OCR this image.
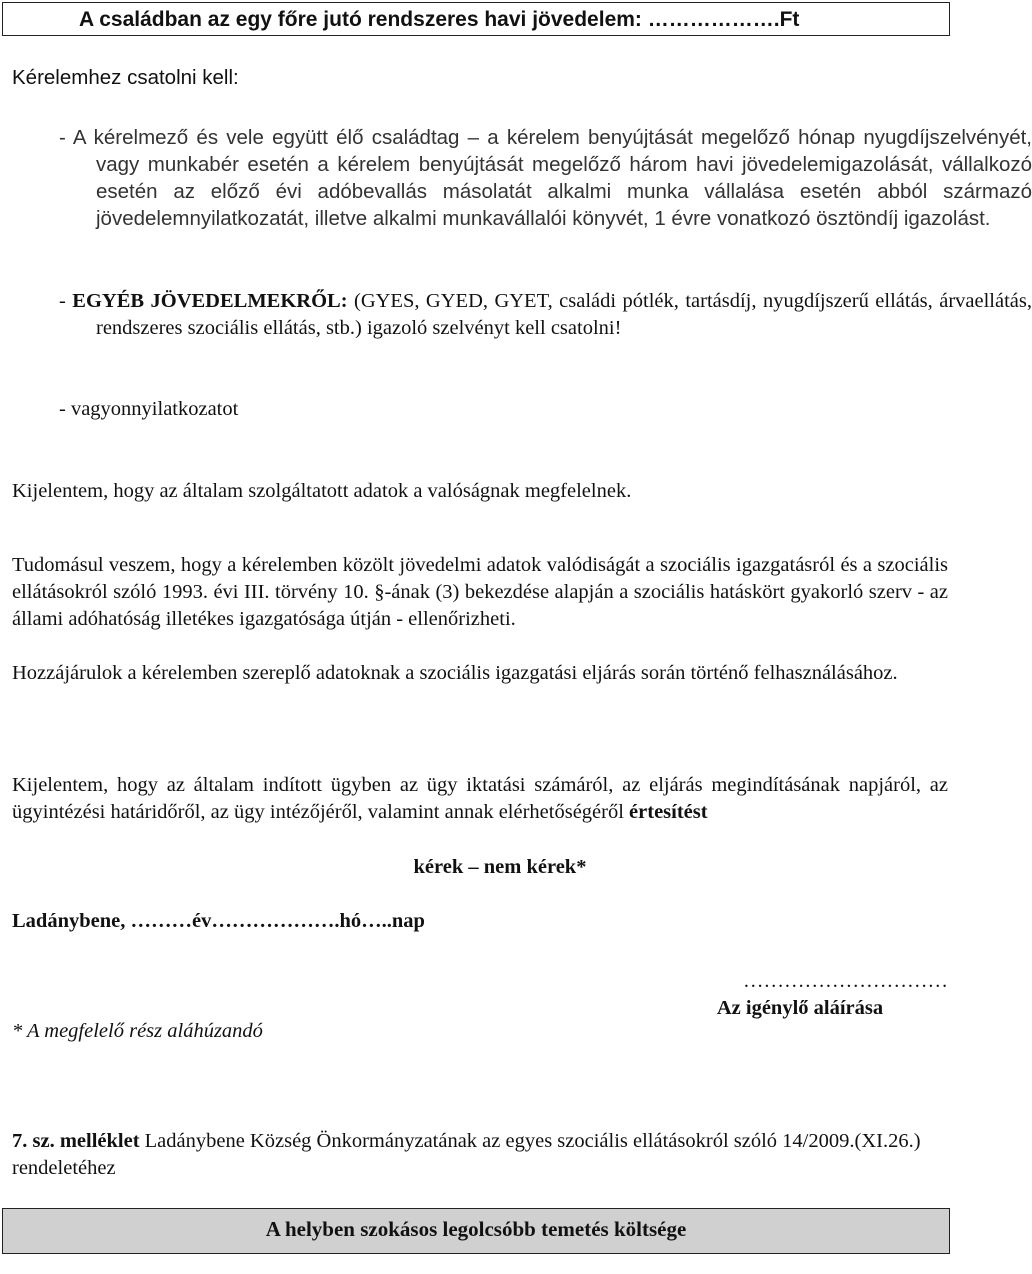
A családban az egy főre jutó rendszeres havi jövedelem: ……………….Ft
Kérelemhez csatolni kell:
- A kérelmező és vele együtt élő családtag – a kérelem benyújtását megelőző hónap nyugdíjszelvényét, vagy munkabér esetén a kérelem benyújtását megelőző három havi jövedelemigazolását, vállalkozó esetén az előző évi adóbevallás másolatát alkalmi munka vállalása esetén abból származó jövedelemnyilatkozatát, illetve alkalmi munkavállalói könyvét, 1 évre vonatkozó ösztöndíj igazolást.
- EGYÉB JÖVEDELMEKRŐL: (GYES, GYED, GYET, családi pótlék, tartásdíj, nyugdíjszerű ellátás, árvaellátás, rendszeres szociális ellátás, stb.) igazoló szelvényt kell csatolni!
- vagyonnyilatkozatot
Kijelentem, hogy az általam szolgáltatott adatok a valóságnak megfelelnek.
Tudomásul veszem, hogy a kérelemben közölt jövedelmi adatok valódiságát a szociális igazgatásról és a szociális ellátásokról szóló 1993. évi III. törvény 10. §-ának (3) bekezdése alapján a szociális hatáskört gyakorló szerv - az állami adóhatóság illetékes igazgatósága útján - ellenőrizheti.
Hozzájárulok a kérelemben szereplő adatoknak a szociális igazgatási eljárás során történő felhasználásához.
Kijelentem, hogy az általam indított ügyben az ügy iktatási számáról, az eljárás megindításának napjáról, az ügyintézési határidőről, az ügy intézőjéről, valamint annak elérhetőségéről értesítést
kérek – nem kérek*
Ladánybene, ………év……………….hó…..nap
…………………………
Az igénylő aláírása
* A megfelelő rész aláhúzandó
7. sz. melléklet Ladánybene Község Önkormányzatának az egyes szociális ellátásokról szóló 14/2009.(XI.26.) rendeletéhez
A helyben szokásos legolcsóbb temetés költsége
